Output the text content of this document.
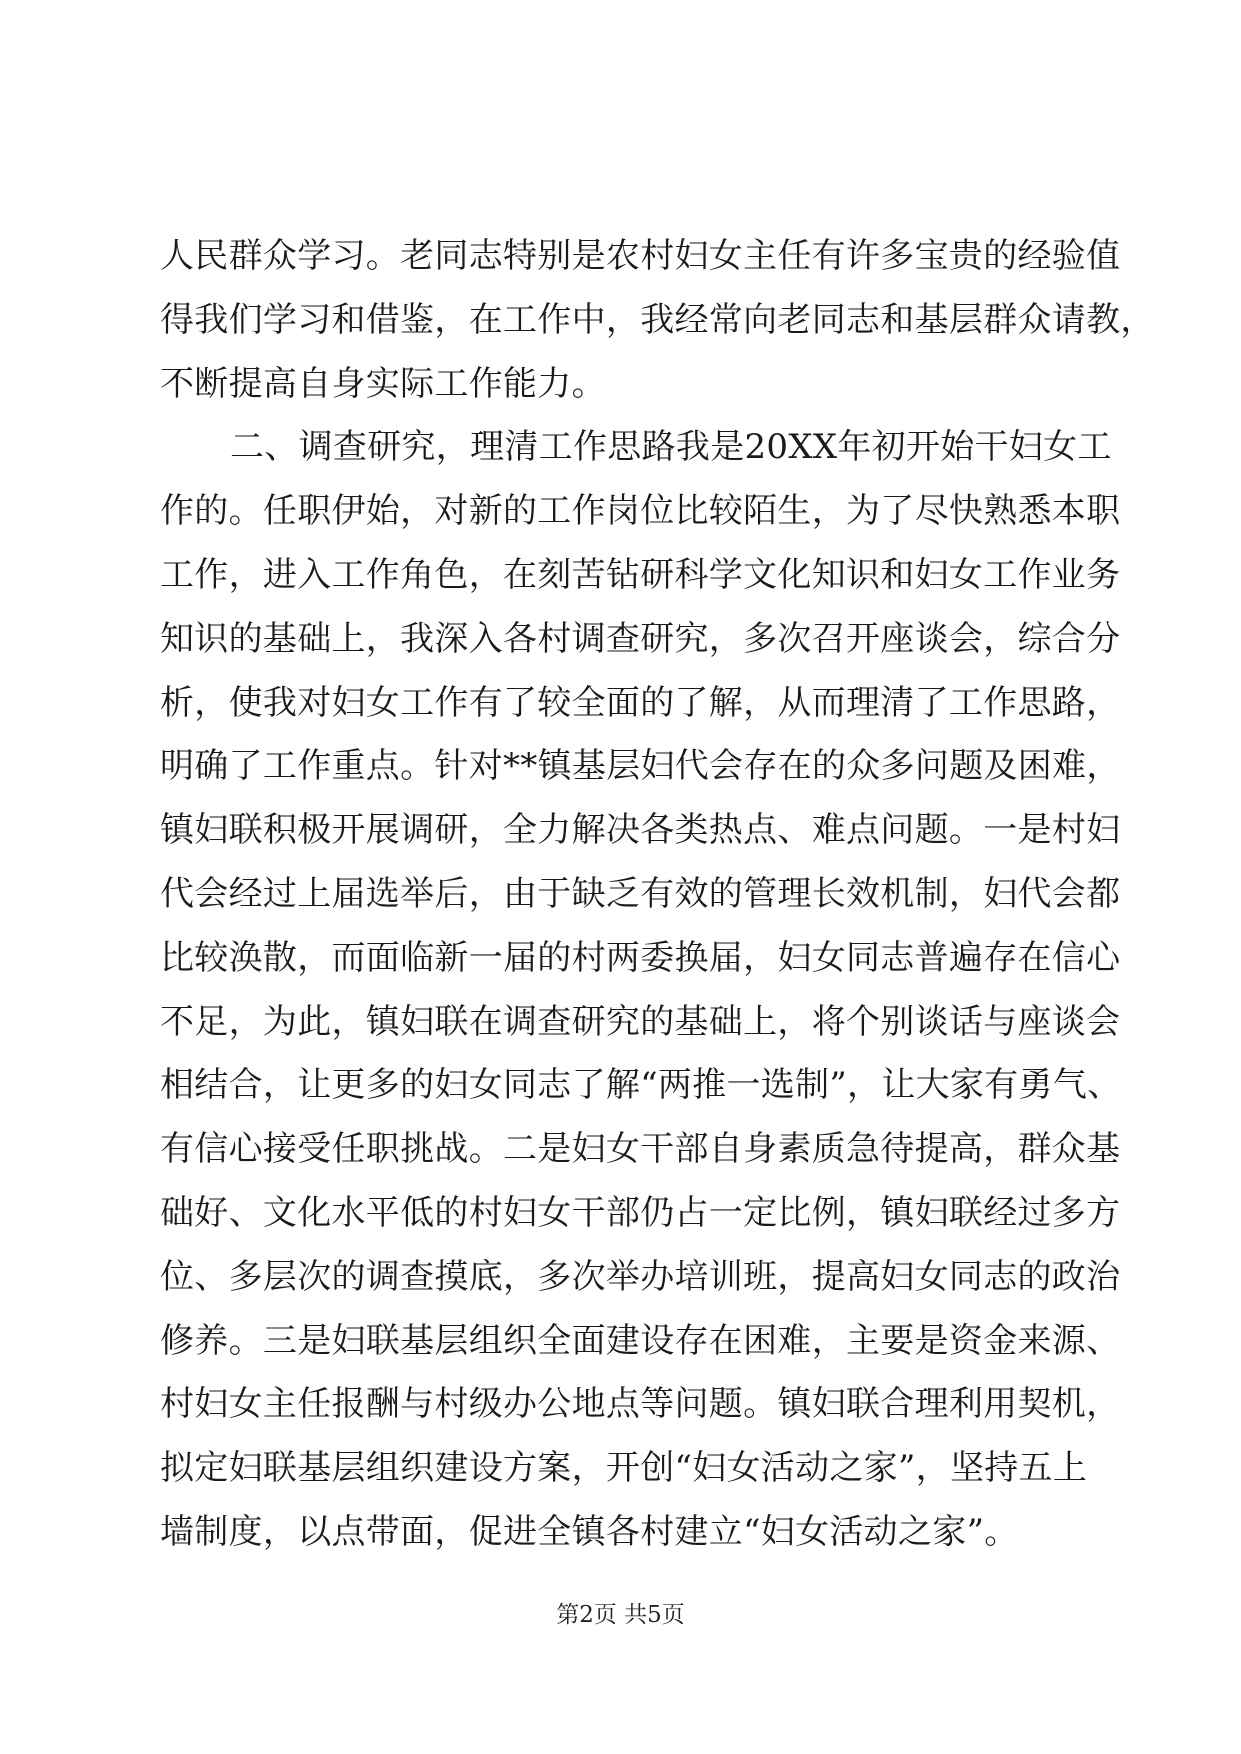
人民群众学习。老同志特别是农村妇女主任有许多宝贵的经验值
得我们学习和借鉴，在工作中，我经常向老同志和基层群众请教，
不断提高自身实际工作能力。
二、调查研究，理清工作思路我是20XX年初开始干妇女工
作的。任职伊始，对新的工作岗位比较陌生，为了尽快熟悉本职
工作，进入工作角色，在刻苦钻研科学文化知识和妇女工作业务
知识的基础上，我深入各村调查研究，多次召开座谈会，综合分
析，使我对妇女工作有了较全面的了解，从而理清了工作思路，
明确了工作重点。针对**镇基层妇代会存在的众多问题及困难，
镇妇联积极开展调研，全力解决各类热点、难点问题。一是村妇
代会经过上届选举后，由于缺乏有效的管理长效机制，妇代会都
比较涣散，而面临新一届的村两委换届，妇女同志普遍存在信心
不足，为此，镇妇联在调查研究的基础上，将个别谈话与座谈会
相结合，让更多的妇女同志了解“两推一选制”，让大家有勇气、
有信心接受任职挑战。二是妇女干部自身素质急待提高，群众基
础好、文化水平低的村妇女干部仍占一定比例，镇妇联经过多方
位、多层次的调查摸底，多次举办培训班，提高妇女同志的政治
修养。三是妇联基层组织全面建设存在困难，主要是资金来源、
村妇女主任报酬与村级办公地点等问题。镇妇联合理利用契机，
拟定妇联基层组织建设方案，开创“妇女活动之家”，坚持五上
墙制度，以点带面，促进全镇各村建立“妇女活动之家”。
第2页 共5页
